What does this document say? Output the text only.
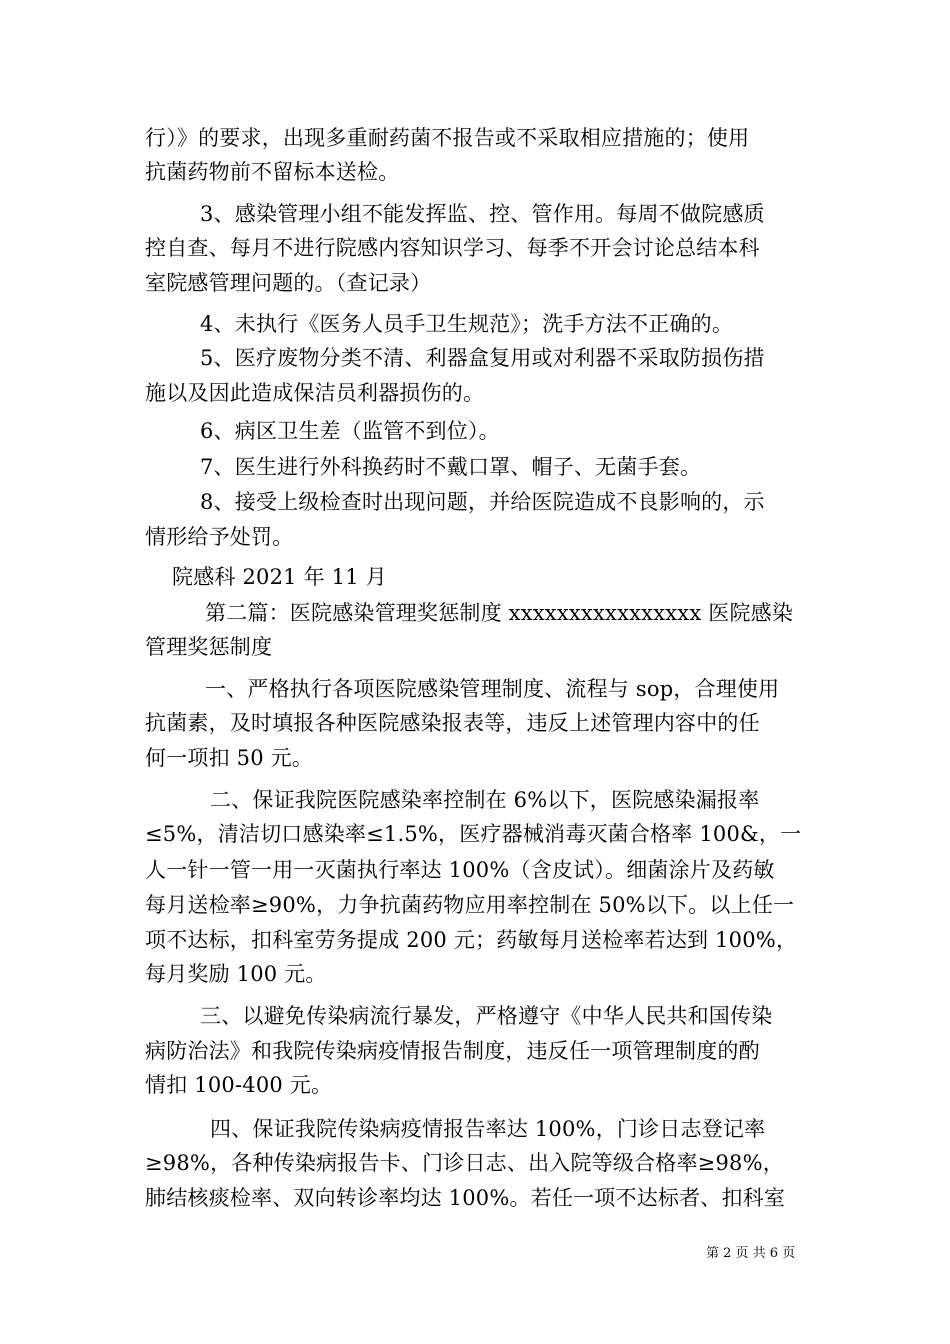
行）》的要求，出现多重耐药菌不报告或不采取相应措施的；使用
抗菌药物前不留标本送检。
3、感染管理小组不能发挥监、控、管作用。每周不做院感质
控自查、每月不进行院感内容知识学习、每季不开会讨论总结本科
室院感管理问题的。（查记录）
4、未执行《医务人员手卫生规范》；洗手方法不正确的。
5、医疗废物分类不清、利器盒复用或对利器不采取防损伤措
施以及因此造成保洁员利器损伤的。
6、病区卫生差（监管不到位）。
7、医生进行外科换药时不戴口罩、帽子、无菌手套。
8、接受上级检查时出现问题，并给医院造成不良影响的，示
情形给予处罚。
院感科 2021 年 11 月
第二篇：医院感染管理奖惩制度 xxxxxxxxxxxxxxxx 医院感染
管理奖惩制度
一、严格执行各项医院感染管理制度、流程与 sop，合理使用
抗菌素，及时填报各种医院感染报表等，违反上述管理内容中的任
何一项扣 50 元。
二、保证我院医院感染率控制在 6%以下，医院感染漏报率
≤5%，清洁切口感染率≤1.5%，医疗器械消毒灭菌合格率 100&，一
人一针一管一用一灭菌执行率达 100%（含皮试）。细菌涂片及药敏
每月送检率≥90%，力争抗菌药物应用率控制在 50%以下。以上任一
项不达标，扣科室劳务提成 200 元；药敏每月送检率若达到 100%，
每月奖励 100 元。
三、以避免传染病流行暴发，严格遵守《中华人民共和国传染
病防治法》和我院传染病疫情报告制度，违反任一项管理制度的酌
情扣 100-400 元。
四、保证我院传染病疫情报告率达 100%，门诊日志登记率
≥98%，各种传染病报告卡、门诊日志、出入院等级合格率≥98%，
肺结核痰检率、双向转诊率均达 100%。若任一项不达标者、扣科室
第 2 页 共 6 页
